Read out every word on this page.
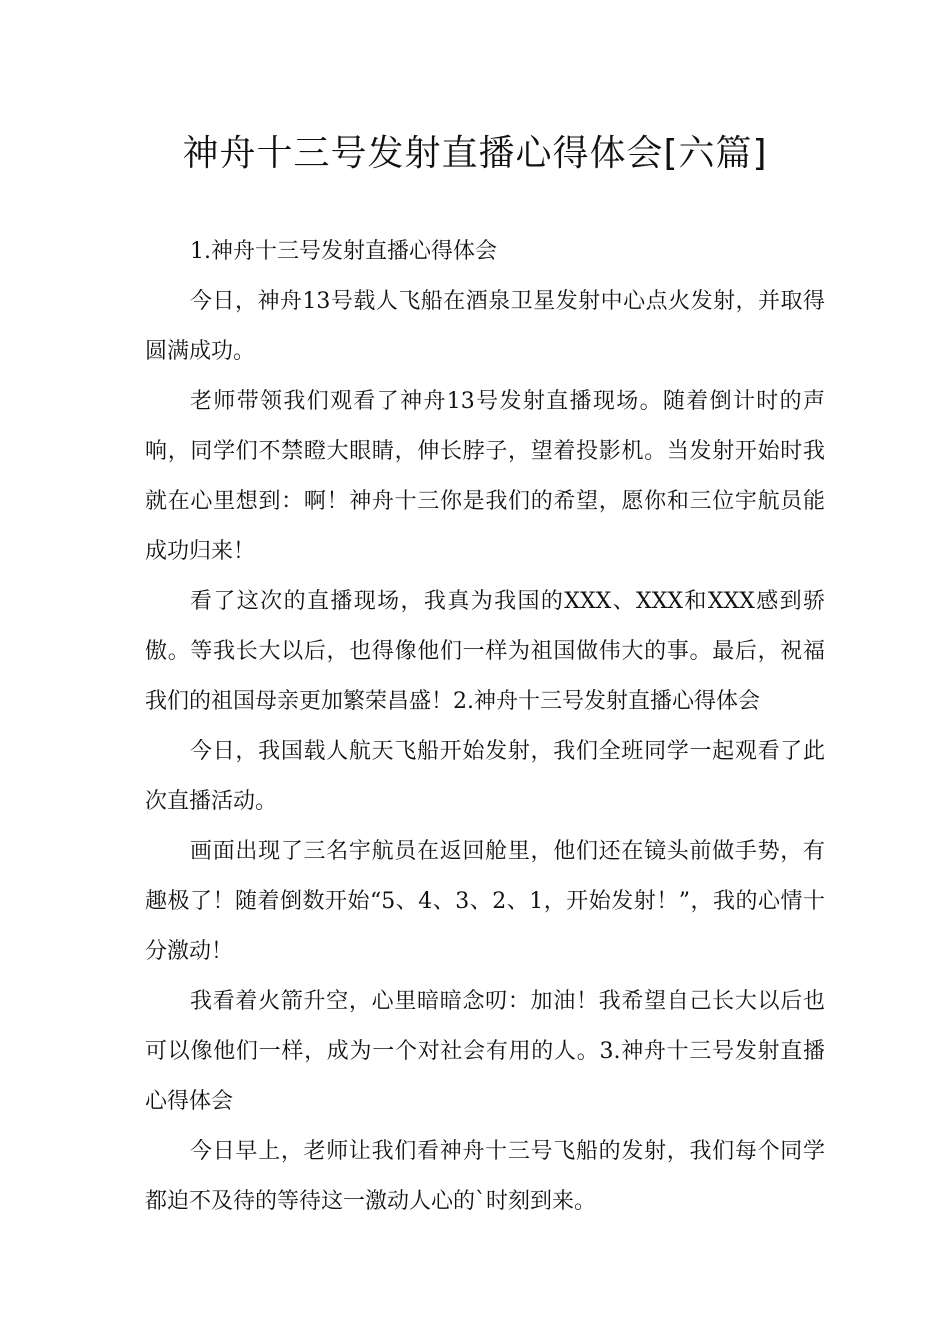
神舟十三号发射直播心得体会[六篇]

1.神舟十三号发射直播心得体会

今日，神舟13号载人飞船在酒泉卫星发射中心点火发射，并取得圆满成功。

老师带领我们观看了神舟13号发射直播现场。随着倒计时的声响，同学们不禁瞪大眼睛，伸长脖子，望着投影机。当发射开始时我就在心里想到：啊！神舟十三你是我们的希望，愿你和三位宇航员能成功归来！

看了这次的直播现场，我真为我国的XXX、XXX和XXX感到骄傲。等我长大以后，也得像他们一样为祖国做伟大的事。最后，祝福我们的祖国母亲更加繁荣昌盛！2.神舟十三号发射直播心得体会

今日，我国载人航天飞船开始发射，我们全班同学一起观看了此次直播活动。

画面出现了三名宇航员在返回舱里，他们还在镜头前做手势，有趣极了！随着倒数开始“5、4、3、2、1，开始发射！”，我的心情十分激动！

我看着火箭升空，心里暗暗念叨：加油！我希望自己长大以后也可以像他们一样，成为一个对社会有用的人。3.神舟十三号发射直播心得体会

今日早上，老师让我们看神舟十三号飞船的发射，我们每个同学都迫不及待的等待这一激动人心的`时刻到来。
